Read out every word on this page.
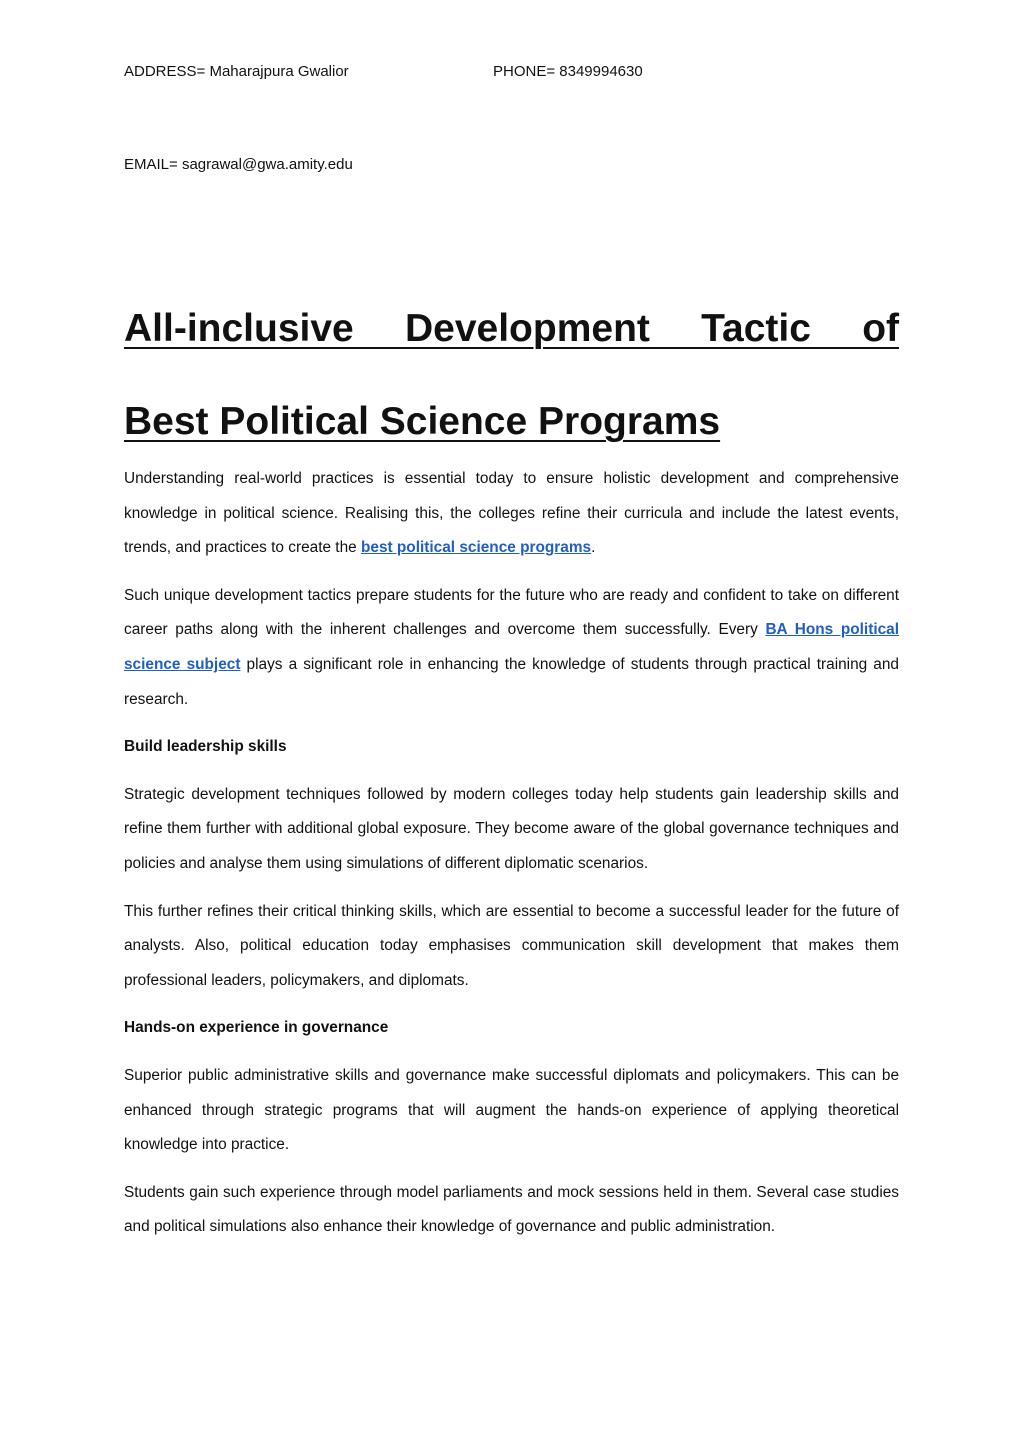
ADDRESS= Maharajpura Gwalior	PHONE= 8349994630
EMAIL= sagrawal@gwa.amity.edu
All-inclusive Development Tactic of
Best Political Science Programs

Understanding real-world practices is essential today to ensure holistic development and comprehensive knowledge in political science. Realising this, the colleges refine their curricula and include the latest events, trends, and practices to create the best political science programs.

Such unique development tactics prepare students for the future who are ready and confident to take on different career paths along with the inherent challenges and overcome them successfully. Every BA Hons political science subject plays a significant role in enhancing the knowledge of students through practical training and research.

Build leadership skills

Strategic development techniques followed by modern colleges today help students gain leadership skills and refine them further with additional global exposure. They become aware of the global governance techniques and policies and analyse them using simulations of different diplomatic scenarios.

This further refines their critical thinking skills, which are essential to become a successful leader for the future of analysts. Also, political education today emphasises communication skill development that makes them professional leaders, policymakers, and diplomats.

Hands-on experience in governance

Superior public administrative skills and governance make successful diplomats and policymakers. This can be enhanced through strategic programs that will augment the hands-on experience of applying theoretical knowledge into practice.

Students gain such experience through model parliaments and mock sessions held in them. Several case studies and political simulations also enhance their knowledge of governance and public administration.
